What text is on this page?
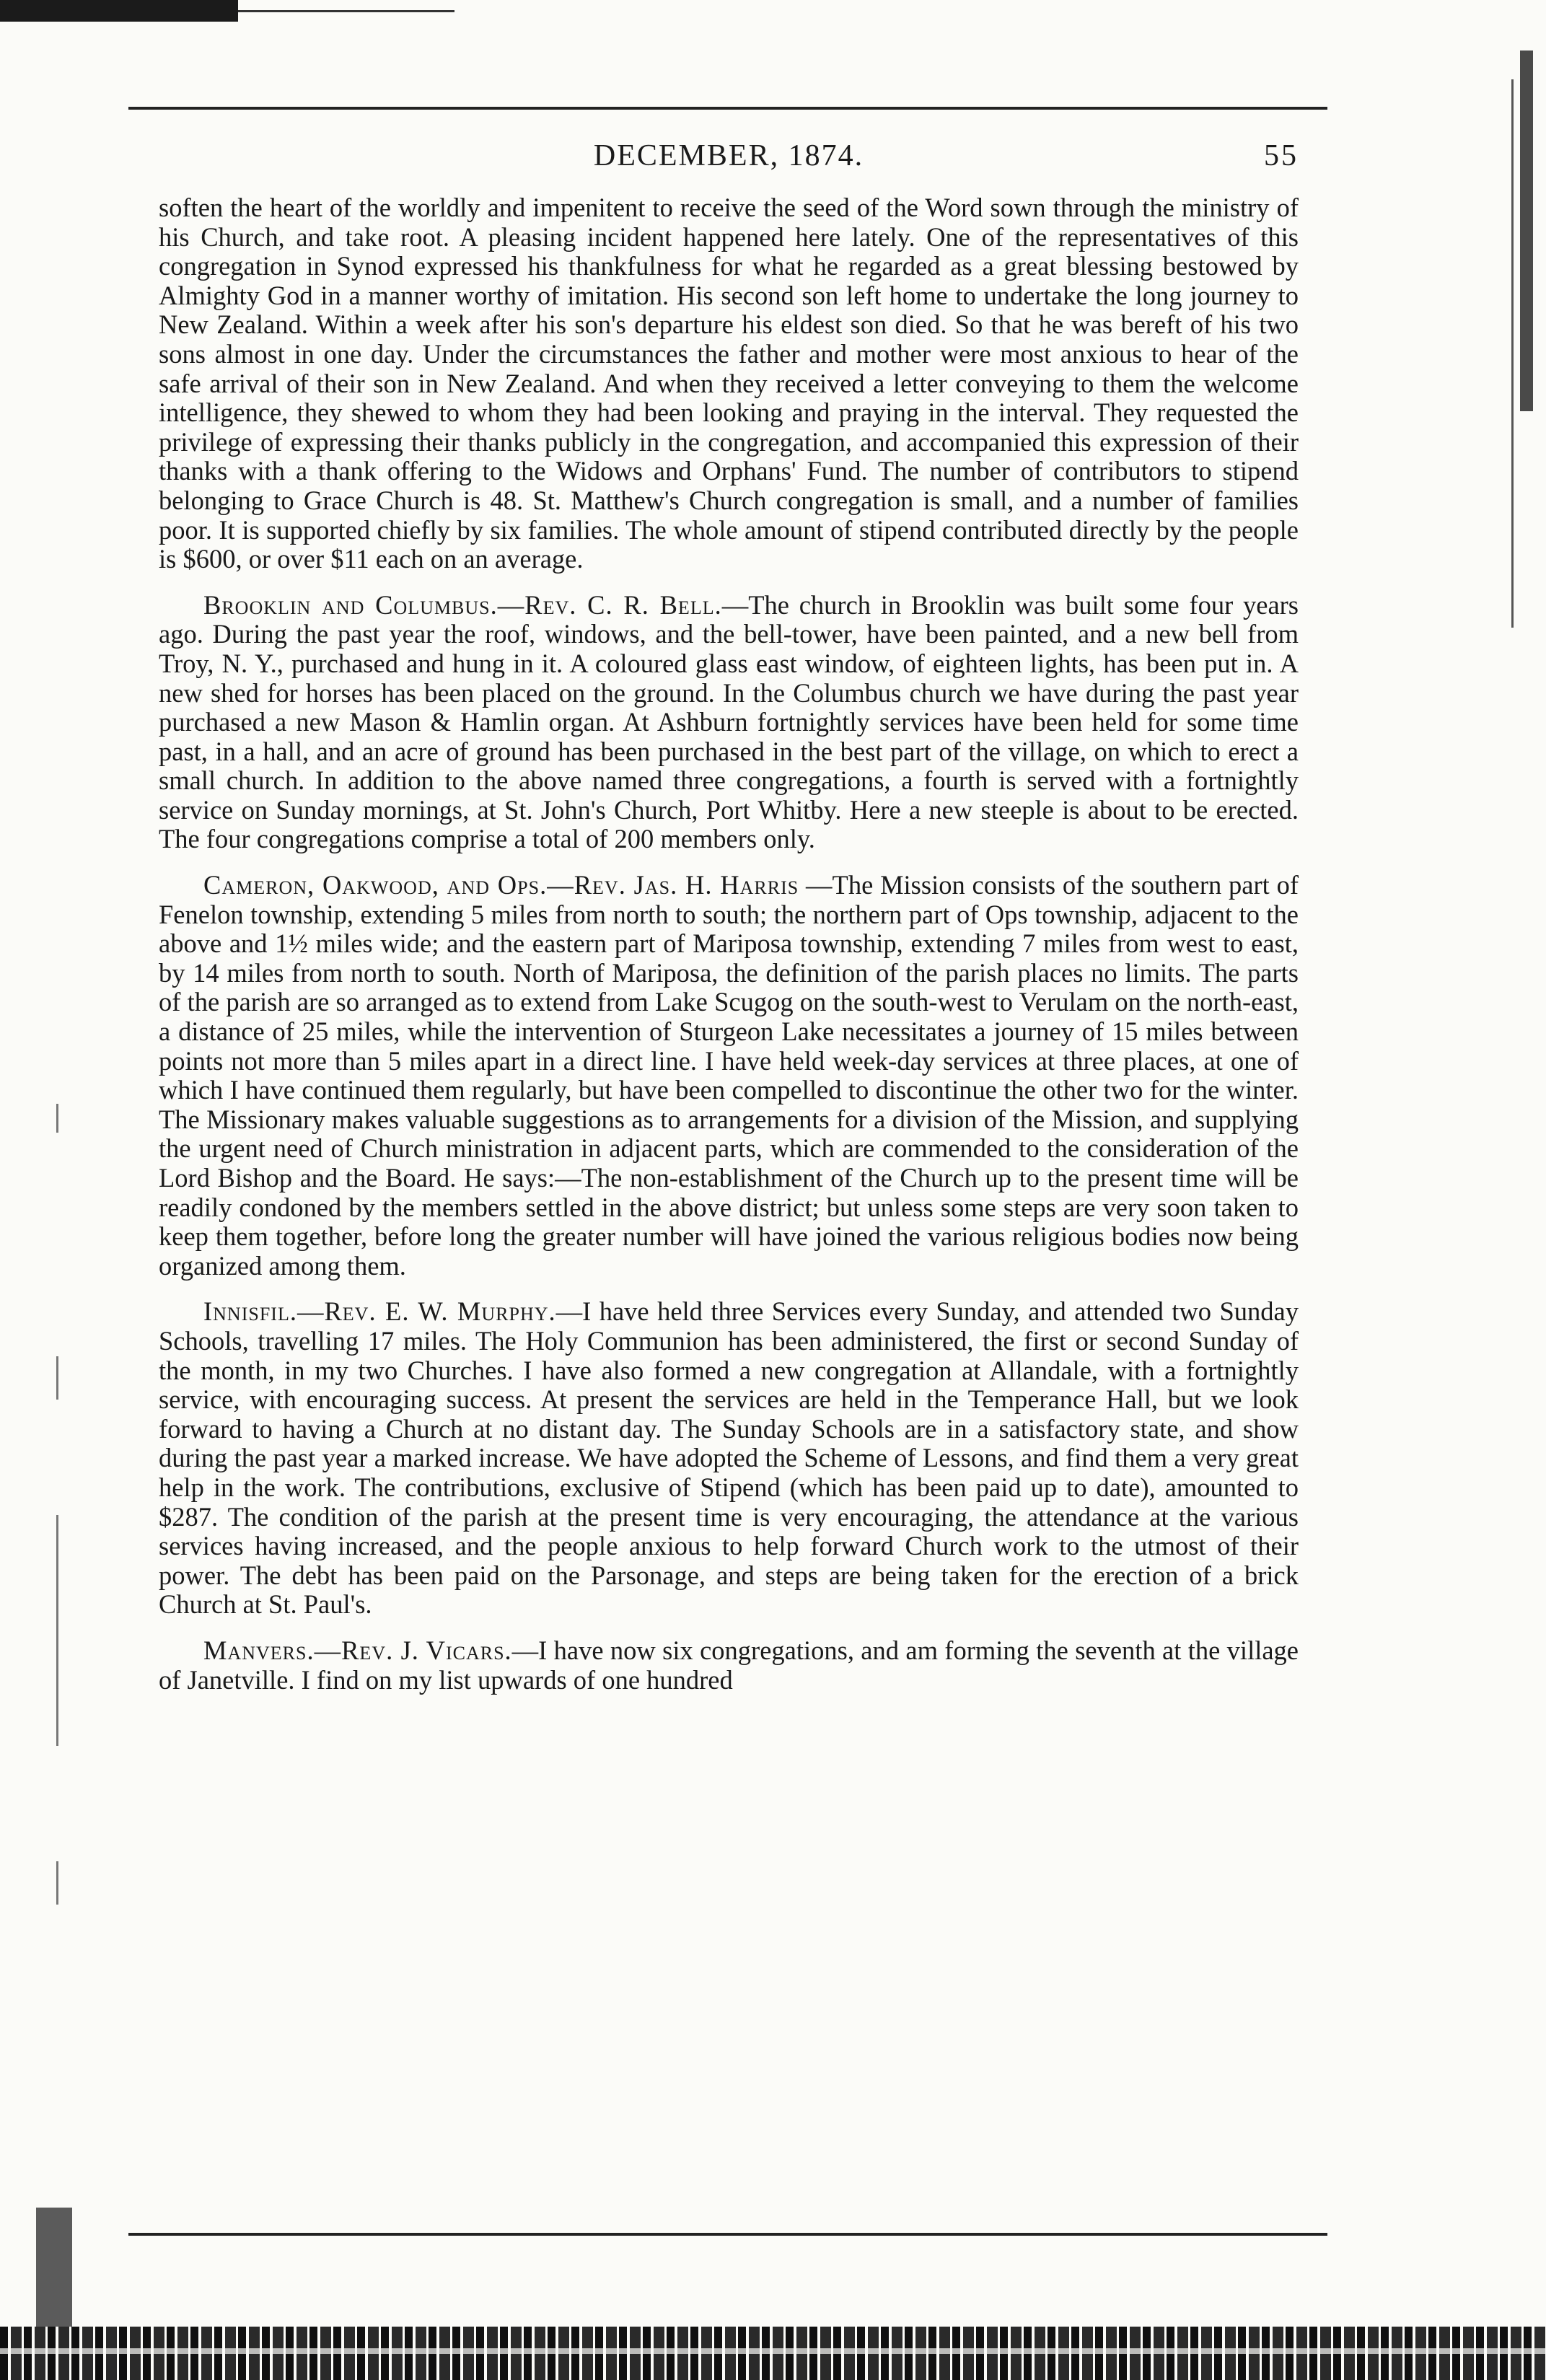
DECEMBER, 1874.	55

soften the heart of the worldly and impenitent to receive the seed of the Word sown through the ministry of his Church, and take root. A pleasing incident happened here lately. One of the representatives of this congregation in Synod expressed his thankfulness for what he regarded as a great blessing bestowed by Almighty God in a manner worthy of imitation. His second son left home to undertake the long journey to New Zealand. Within a week after his son's departure his eldest son died. So that he was bereft of his two sons almost in one day. Under the circumstances the father and mother were most anxious to hear of the safe arrival of their son in New Zealand. And when they received a letter conveying to them the welcome intelligence, they shewed to whom they had been looking and praying in the interval. They requested the privilege of expressing their thanks publicly in the congregation, and accompanied this expression of their thanks with a thank offering to the Widows and Orphans' Fund. The number of contributors to stipend belonging to Grace Church is 48. St. Matthew's Church congregation is small, and a number of families poor. It is supported chiefly by six families. The whole amount of stipend contributed directly by the people is $600, or over $11 each on an average.

Brooklin and Columbus.—Rev. C. R. Bell.—The church in Brooklin was built some four years ago. During the past year the roof, windows, and the bell-tower, have been painted, and a new bell from Troy, N. Y., purchased and hung in it. A coloured glass east window, of eighteen lights, has been put in. A new shed for horses has been placed on the ground. In the Columbus church we have during the past year purchased a new Mason & Hamlin organ. At Ashburn fortnightly services have been held for some time past, in a hall, and an acre of ground has been purchased in the best part of the village, on which to erect a small church. In addition to the above named three congregations, a fourth is served with a fortnightly service on Sunday mornings, at St. John's Church, Port Whitby. Here a new steeple is about to be erected. The four congregations comprise a total of 200 members only.

Cameron, Oakwood, and Ops.—Rev. Jas. H. Harris —The Mission consists of the southern part of Fenelon township, extending 5 miles from north to south; the northern part of Ops township, adjacent to the above and 1½ miles wide; and the eastern part of Mariposa township, extending 7 miles from west to east, by 14 miles from north to south. North of Mariposa, the definition of the parish places no limits. The parts of the parish are so arranged as to extend from Lake Scugog on the south-west to Verulam on the north-east, a distance of 25 miles, while the intervention of Sturgeon Lake necessitates a journey of 15 miles between points not more than 5 miles apart in a direct line. I have held week-day services at three places, at one of which I have continued them regularly, but have been compelled to discontinue the other two for the winter. The Missionary makes valuable suggestions as to arrangements for a division of the Mission, and supplying the urgent need of Church ministration in adjacent parts, which are commended to the consideration of the Lord Bishop and the Board. He says:—The non-establishment of the Church up to the present time will be readily condoned by the members settled in the above district; but unless some steps are very soon taken to keep them together, before long the greater number will have joined the various religious bodies now being organized among them.

Innisfil.—Rev. E. W. Murphy.—I have held three Services every Sunday, and attended two Sunday Schools, travelling 17 miles. The Holy Communion has been administered, the first or second Sunday of the month, in my two Churches. I have also formed a new congregation at Allandale, with a fortnightly service, with encouraging success. At present the services are held in the Temperance Hall, but we look forward to having a Church at no distant day. The Sunday Schools are in a satisfactory state, and show during the past year a marked increase. We have adopted the Scheme of Lessons, and find them a very great help in the work. The contributions, exclusive of Stipend (which has been paid up to date), amounted to $287. The condition of the parish at the present time is very encouraging, the attendance at the various services having increased, and the people anxious to help forward Church work to the utmost of their power. The debt has been paid on the Parsonage, and steps are being taken for the erection of a brick Church at St. Paul's.

Manvers.—Rev. J. Vicars.—I have now six congregations, and am forming the seventh at the village of Janetville. I find on my list upwards of one hundred
